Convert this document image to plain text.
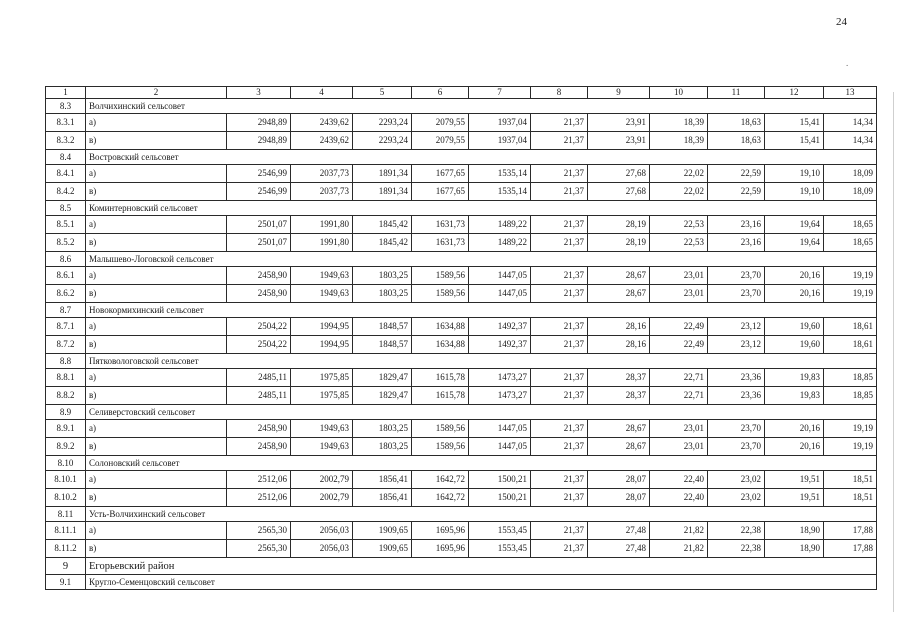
24
.
1	2	3	4	5	6	7	8	9	10	11	12	13
8.3	Волчихинский сельсовет											
8.3.1	а)	2948,89	2439,62	2293,24	2079,55	1937,04	21,37	23,91	18,39	18,63	15,41	14,34
8.3.2	в)	2948,89	2439,62	2293,24	2079,55	1937,04	21,37	23,91	18,39	18,63	15,41	14,34
8.4	Востровский сельсовет											
8.4.1	а)	2546,99	2037,73	1891,34	1677,65	1535,14	21,37	27,68	22,02	22,59	19,10	18,09
8.4.2	в)	2546,99	2037,73	1891,34	1677,65	1535,14	21,37	27,68	22,02	22,59	19,10	18,09
8.5	Коминтерновский сельсовет											
8.5.1	а)	2501,07	1991,80	1845,42	1631,73	1489,22	21,37	28,19	22,53	23,16	19,64	18,65
8.5.2	в)	2501,07	1991,80	1845,42	1631,73	1489,22	21,37	28,19	22,53	23,16	19,64	18,65
8.6	Малышево-Логовской сельсовет											
8.6.1	а)	2458,90	1949,63	1803,25	1589,56	1447,05	21,37	28,67	23,01	23,70	20,16	19,19
8.6.2	в)	2458,90	1949,63	1803,25	1589,56	1447,05	21,37	28,67	23,01	23,70	20,16	19,19
8.7	Новокормихинский сельсовет											
8.7.1	а)	2504,22	1994,95	1848,57	1634,88	1492,37	21,37	28,16	22,49	23,12	19,60	18,61
8.7.2	в)	2504,22	1994,95	1848,57	1634,88	1492,37	21,37	28,16	22,49	23,12	19,60	18,61
8.8	Пятковологовской сельсовет											
8.8.1	а)	2485,11	1975,85	1829,47	1615,78	1473,27	21,37	28,37	22,71	23,36	19,83	18,85
8.8.2	в)	2485,11	1975,85	1829,47	1615,78	1473,27	21,37	28,37	22,71	23,36	19,83	18,85
8.9	Селиверстовский сельсовет											
8.9.1	а)	2458,90	1949,63	1803,25	1589,56	1447,05	21,37	28,67	23,01	23,70	20,16	19,19
8.9.2	в)	2458,90	1949,63	1803,25	1589,56	1447,05	21,37	28,67	23,01	23,70	20,16	19,19
8.10	Солоновский сельсовет											
8.10.1	а)	2512,06	2002,79	1856,41	1642,72	1500,21	21,37	28,07	22,40	23,02	19,51	18,51
8.10.2	в)	2512,06	2002,79	1856,41	1642,72	1500,21	21,37	28,07	22,40	23,02	19,51	18,51
8.11	Усть-Волчихинский сельсовет											
8.11.1	а)	2565,30	2056,03	1909,65	1695,96	1553,45	21,37	27,48	21,82	22,38	18,90	17,88
8.11.2	в)	2565,30	2056,03	1909,65	1695,96	1553,45	21,37	27,48	21,82	22,38	18,90	17,88
9	Егорьевский район											
9.1	Кругло-Семенцовский сельсовет											
